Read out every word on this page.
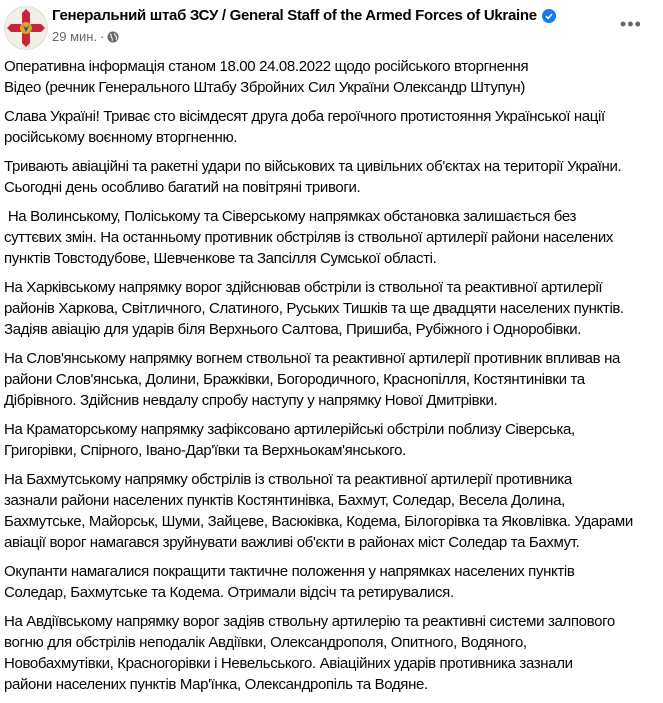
Генеральний штаб ЗСУ / General Staff of the Armed Forces of Ukraine
29 мин. ·
•••

Оперативна інформація станом 18.00 24.08.2022 щодо російського вторгнення
Відео (речник Генерального Штабу Збройних Сил України Олександр Штупун)

Слава Україні! Триває сто вісімдесят друга доба героїчного протистояння Української нації
російському воєнному вторгненню.

Тривають авіаційні та ракетні удари по військових та цивільних об'єктах на території України.
Сьогодні день особливо багатий на повітряні тривоги.

На Волинському, Поліському та Сіверському напрямках обстановка залишається без
суттєвих змін. На останньому противник обстріляв із ствольної артилерії райони населених
пунктів Товстодубове, Шевченкове та Запсілля Сумської області.

На Харківському напрямку ворог здійснював обстріли із ствольної та реактивної артилерії
районів Харкова, Світличного, Слатиного, Руських Тишків та ще двадцяти населених пунктів.
Задіяв авіацію для ударів біля Верхнього Салтова, Пришиба, Рубіжного і Одноробівки.

На Слов'янському напрямку вогнем ствольної та реактивної артилерії противник впливав на
райони Слов'янська, Долини, Бражківки, Богородичного, Краснопілля, Костянтинівки та
Дібрівного. Здійснив невдалу спробу наступу у напрямку Нової Дмитрівки.

На Краматорському напрямку зафіксовано артилерійські обстріли поблизу Сіверська,
Григорівки, Спірного, Івано-Дар'ївки та Верхньокам'янського.

На Бахмутському напрямку обстрілів із ствольної та реактивної артилерії противника
зазнали райони населених пунктів Костянтинівка, Бахмут, Соледар, Весела Долина,
Бахмутське, Майорськ, Шуми, Зайцеве, Васюківка, Кодема, Білогорівка та Яковлівка. Ударами
авіації ворог намагався зруйнувати важливі об'єкти в районах міст Соледар та Бахмут.

Окупанти намагалися покращити тактичне положення у напрямках населених пунктів
Соледар, Бахмутське та Кодема. Отримали відсіч та ретирувалися.

На Авдіївському напрямку ворог задіяв ствольну артилерію та реактивні системи залпового
вогню для обстрілів неподалік Авдіївки, Олександрополя, Опитного, Водяного,
Новобахмутівки, Красногорівки і Невельського. Авіаційних ударів противника зазнали
райони населених пунктів Мар'їнка, Олександропіль та Водяне.
